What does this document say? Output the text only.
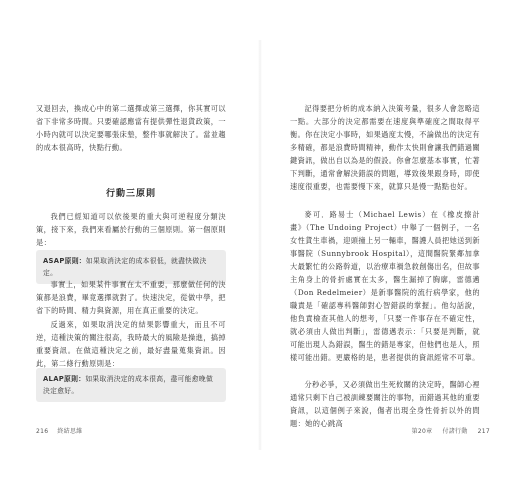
又退回去，換成心中的第二選擇或第三選擇，你其實可以省下非常多時間。只要確認應當有提供彈性退貨政策，一小時內就可以決定要哪張床墊，整件事就解決了。當並趨的成本很高時，快點行動。

行動三原則

我們已經知道可以依後果的重大與可逆程度分類決策，接下來，我們來看屬於行動的三個原則。第一個原則是：

ASAP原則：如果取消決定的成本很低，就盡快做決定。

事實上，如果某件事實在太不重要，那麼做任何的決策都是浪費，畢竟選擇就對了。快速決定，從做中學，把省下的時間、精力與資源，用在真正重要的決定。

反過來，如果取消決定的結果影響重大，而且不可逆，這種決策的關注很高，我時最大的風險是操進，搞掉重要資訊。在做這種決定之前，最好盡量蒐集資訊。因此，第二條行動原則是：

ALAP原則：如果取消決定的成本很高，盡可能愈晚做決定愈好。
216 終結思維

記得要把分析的成本納入決策考量，很多人會忽略這一點。大部分的決定都需要在速度與準確度之間取得平衡。你在決定小事時，如果過度太慢，不論做出的決定有多精確，都是浪費時間精神，動作太快則會讓我們錯過關鍵資訊，做出自以為是的假設。你會怎麼基本事實，忙著下判斷，通常會解決錯誤的問題，導致後果跟身時，即使速度很重要，也需要慢下來，就算只是慢一點點也好。

麥可．路易士（Michael Lewis）在《橡皮擦計畫》（The Undoing Project）中舉了一個例子，一名女性貨生車禍，迎頭撞上另一輛車，醫護人員把她送到新事醫院（Sunnybrook Hospital），這間醫院緊鄰加拿大最繁忙的公路幹道，以治療車禍急救創傷出名，但故事主角身上的骨折處實在太多，醫生漏掉了胸廓，雷德邁（Don Redelmeier）是新事醫院的流行病學家，他的職責是「確認專科醫師對心智錯誤的掌握」。他勾話說，他負責檢查其他人的想考，「只要一件事存在不確定性，就必須由人做出判斷」，雷德邁表示：「只要是判斷，就可能出現人為錯誤，醫生的錯是專家，但他們也是人，照樣可能出錯。更嚴格的是，患者提供的資訊經常不可靠。

分秒必爭，又必須做出生死攸關的決定時，醫師心裡通常只剩下自己被訓練要關注的事物，而錯過其他的重要資訊，以這個例子來說，傷者出現全身性骨折以外的問題：她的心跳高

第20章 付諸行動 217
